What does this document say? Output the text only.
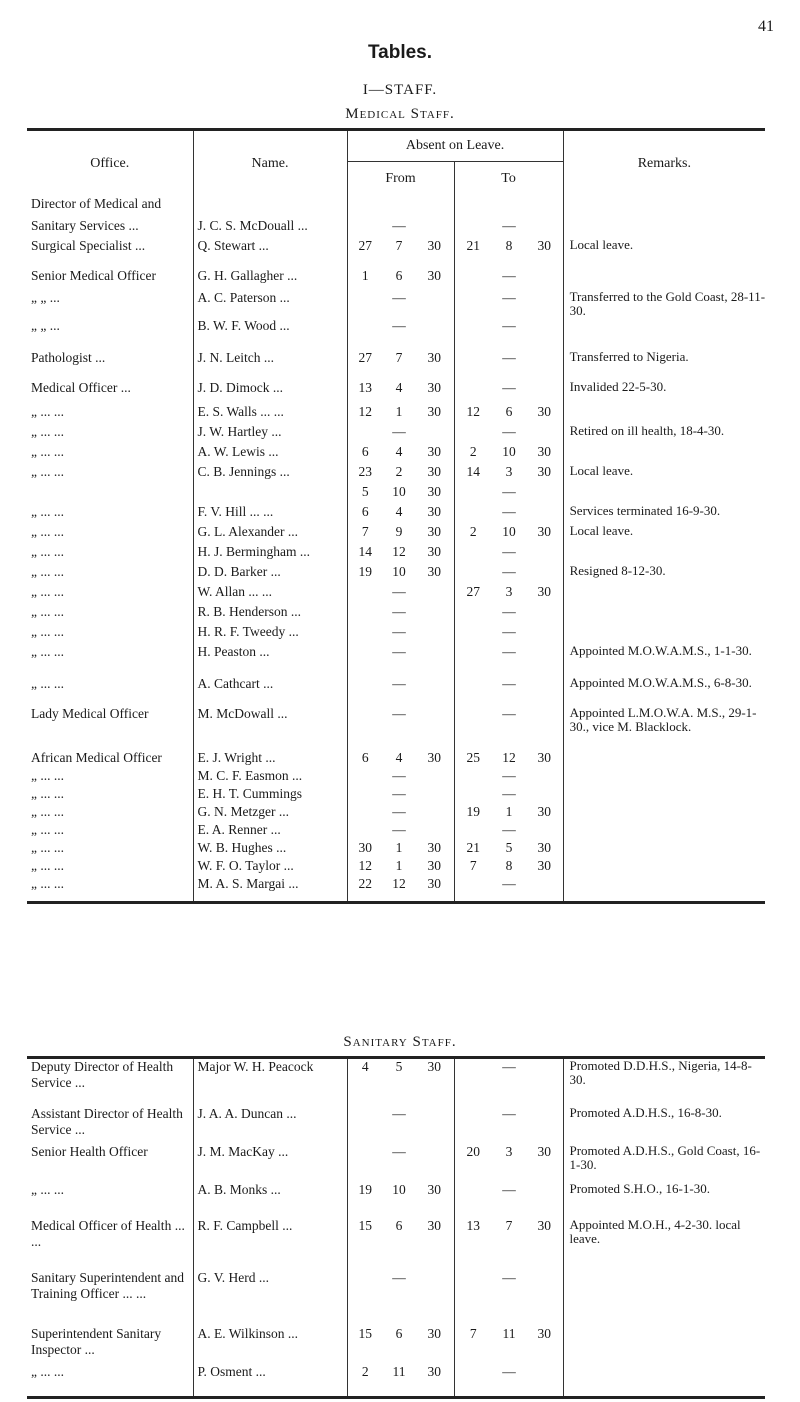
41
Tables.
I—STAFF.
Medical Staff.
Office.	Name.	Absent on Leave.						Remarks.
		From			To			
Director of Medical and								
Sanitary Services ...	J. C. S. McDouall ...		—			—		
Surgical Specialist ...	Q. Stewart ...	27	7	30	21	8	30	Local leave.
Senior Medical Officer	G. H. Gallagher ...	1	6	30		—		
„ „ ...	A. C. Paterson ...		—			—		Transferred to the Gold Coast, 28-11-30.
„ „ ...	B. W. F. Wood ...		—			—		
Pathologist ...	J. N. Leitch ...	27	7	30		—		Transferred to Nigeria.
Medical Officer ...	J. D. Dimock ...	13	4	30		—		Invalided 22-5-30.
„ ... ...	E. S. Walls ... ...	12	1	30	12	6	30	
„ ... ...	J. W. Hartley ...		—			—		Retired on ill health, 18-4-30.
„ ... ...	A. W. Lewis ...	6	4	30	2	10	30	
„ ... ...	C. B. Jennings ...	23	2	30	14	3	30	Local leave.
		5	10	30		—		
„ ... ...	F. V. Hill ... ...	6	4	30		—		Services terminated 16-9-30.
„ ... ...	G. L. Alexander ...	7	9	30	2	10	30	Local leave.
„ ... ...	H. J. Bermingham ...	14	12	30		—		
„ ... ...	D. D. Barker ...	19	10	30		—		Resigned 8-12-30.
„ ... ...	W. Allan ... ...		—		27	3	30	
„ ... ...	R. B. Henderson ...		—			—		
„ ... ...	H. R. F. Tweedy ...		—			—		
„ ... ...	H. Peaston ...		—			—		Appointed M.O.W.A.M.S., 1-1-30.
„ ... ...	A. Cathcart ...		—			—		Appointed M.O.W.A.M.S., 6-8-30.
Lady Medical Officer	M. McDowall ...		—			—		Appointed L.M.O.W.A. M.S., 29-1-30., vice M. Blacklock.
African Medical Officer	E. J. Wright ...	6	4	30	25	12	30	
„ ... ...	M. C. F. Easmon ...		—			—		
„ ... ...	E. H. T. Cummings		—			—		
„ ... ...	G. N. Metzger ...		—		19	1	30	
„ ... ...	E. A. Renner ...		—			—		
„ ... ...	W. B. Hughes ...	30	1	30	21	5	30	
„ ... ...	W. F. O. Taylor ...	12	1	30	7	8	30	
„ ... ...	M. A. S. Margai ...	22	12	30		—		
Sanitary Staff.
Deputy Director of Health Service ...	Major W. H. Peacock	4	5	30		—		Promoted D.D.H.S., Nigeria, 14-8-30.
Assistant Director of Health Service ...	J. A. A. Duncan ...		—			—		Promoted A.D.H.S., 16-8-30.
Senior Health Officer	J. M. MacKay ...		—		20	3	30	Promoted A.D.H.S., Gold Coast, 16-1-30.
„ ... ...	A. B. Monks ...	19	10	30		—		Promoted S.H.O., 16-1-30.
Medical Officer of Health ... ...	R. F. Campbell ...	15	6	30	13	7	30	Appointed M.O.H., 4-2-30. local leave.
Sanitary Superintendent and Training Officer ... ...	G. V. Herd ...		—			—		
Superintendent Sanitary Inspector ...	A. E. Wilkinson ...	15	6	30	7	11	30	
„ ... ...	P. Osment ...	2	11	30		—		
